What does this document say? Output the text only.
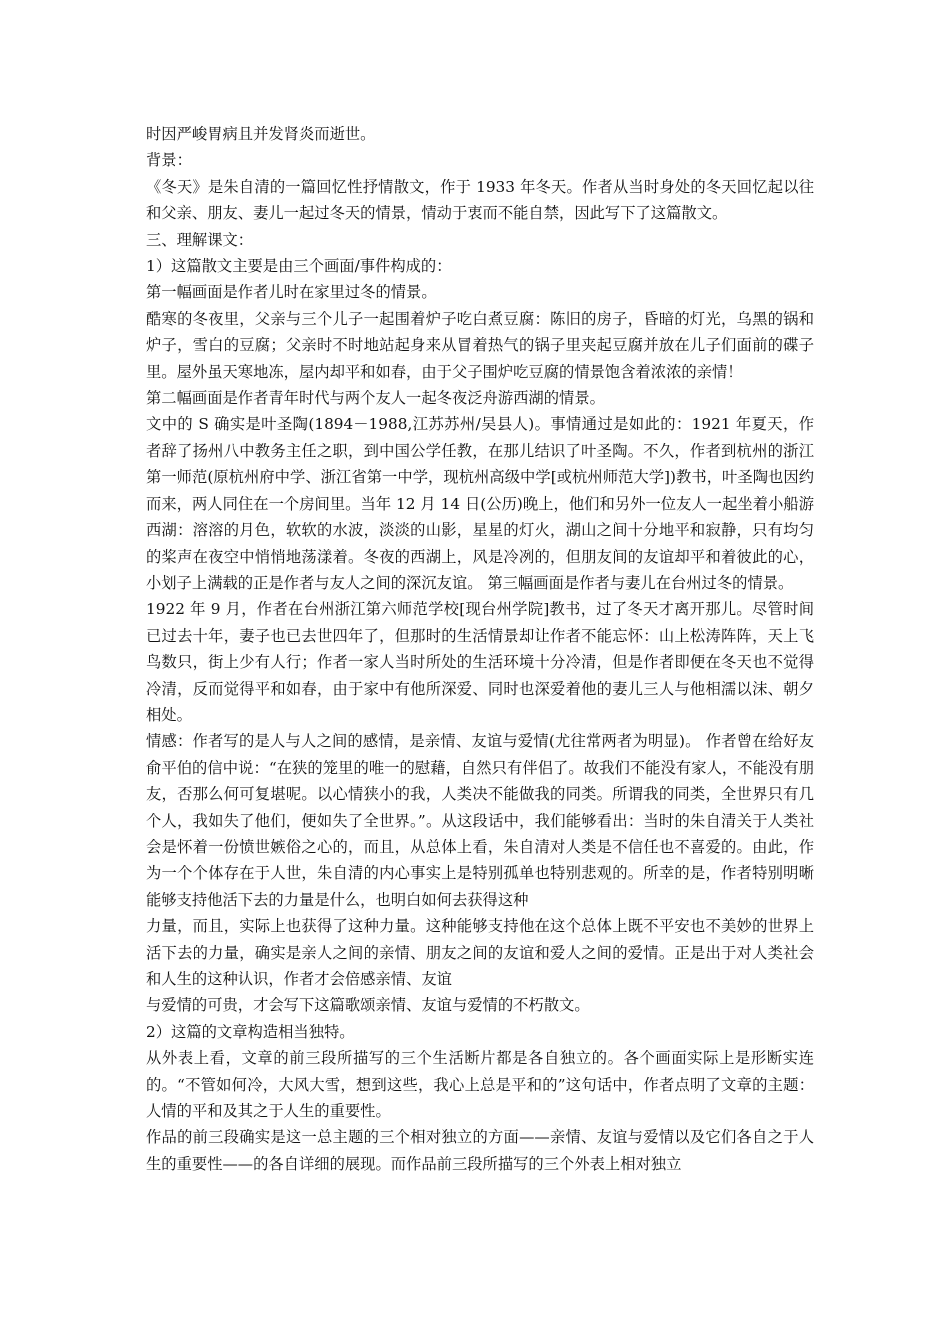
时因严峻胃病且并发肾炎而逝世。

背景：

《冬天》是朱自清的一篇回忆性抒情散文，作于 1933 年冬天。作者从当时身处的冬天回忆起以往和父亲、朋友、妻儿一起过冬天的情景，情动于衷而不能自禁，因此写下了这篇散文。

三、理解课文：

1）这篇散文主要是由三个画面/事件构成的：

第一幅画面是作者儿时在家里过冬的情景。

酷寒的冬夜里，父亲与三个儿子一起围着炉子吃白煮豆腐：陈旧的房子，昏暗的灯光，乌黑的锅和炉子，雪白的豆腐；父亲时不时地站起身来从冒着热气的锅子里夹起豆腐并放在儿子们面前的碟子里。屋外虽天寒地冻，屋内却平和如春，由于父子围炉吃豆腐的情景饱含着浓浓的亲情！

第二幅画面是作者青年时代与两个友人一起冬夜泛舟游西湖的情景。

文中的 S 确实是叶圣陶(1894－1988,江苏苏州/吴县人)。事情通过是如此的：1921 年夏天，作者辞了扬州八中教务主任之职，到中国公学任教，在那儿结识了叶圣陶。不久，作者到杭州的浙江第一师范(原杭州府中学、浙江省第一中学，现杭州高级中学[或杭州师范大学])教书，叶圣陶也因约而来，两人同住在一个房间里。当年 12 月 14 日(公历)晚上，他们和另外一位友人一起坐着小船游西湖：溶溶的月色，软软的水波，淡淡的山影，星星的灯火，湖山之间十分地平和寂静，只有均匀的桨声在夜空中悄悄地荡漾着。冬夜的西湖上，风是冷冽的，但朋友间的友谊却平和着彼此的心，小划子上满载的正是作者与友人之间的深沉友谊。 第三幅画面是作者与妻儿在台州过冬的情景。

1922 年 9 月，作者在台州浙江第六师范学校[现台州学院]教书，过了冬天才离开那儿。尽管时间已过去十年，妻子也已去世四年了，但那时的生活情景却让作者不能忘怀：山上松涛阵阵，天上飞鸟数只，街上少有人行；作者一家人当时所处的生活环境十分冷清，但是作者即便在冬天也不觉得冷清，反而觉得平和如春，由于家中有他所深爱、同时也深爱着他的妻儿三人与他相濡以沫、朝夕相处。

情感：作者写的是人与人之间的感情，是亲情、友谊与爱情(尤往常两者为明显)。 作者曾在给好友俞平伯的信中说：“在狭的笼里的唯一的慰藉，自然只有伴侣了。故我们不能没有家人，不能没有朋友，否那么何可复堪呢。以心情狭小的我，人类决不能做我的同类。所谓我的同类，全世界只有几个人，我如失了他们，便如失了全世界。”。从这段话中，我们能够看出：当时的朱自清关于人类社会是怀着一份愤世嫉俗之心的，而且，从总体上看，朱自清对人类是不信任也不喜爱的。由此，作为一个个体存在于人世，朱自清的内心事实上是特别孤单也特别悲观的。所幸的是，作者特别明晰能够支持他活下去的力量是什么，也明白如何去获得这种

力量，而且，实际上也获得了这种力量。这种能够支持他在这个总体上既不平安也不美妙的世界上活下去的力量，确实是亲人之间的亲情、朋友之间的友谊和爱人之间的爱情。正是出于对人类社会和人生的这种认识，作者才会倍感亲情、友谊

与爱情的可贵，才会写下这篇歌颂亲情、友谊与爱情的不朽散文。

2）这篇的文章构造相当独特。

从外表上看，文章的前三段所描写的三个生活断片都是各自独立的。各个画面实际上是形断实连的。“不管如何冷，大风大雪，想到这些，我心上总是平和的”这句话中，作者点明了文章的主题：人情的平和及其之于人生的重要性。

作品的前三段确实是这一总主题的三个相对独立的方面——亲情、友谊与爱情以及它们各自之于人生的重要性——的各自详细的展现。而作品前三段所描写的三个外表上相对独立
